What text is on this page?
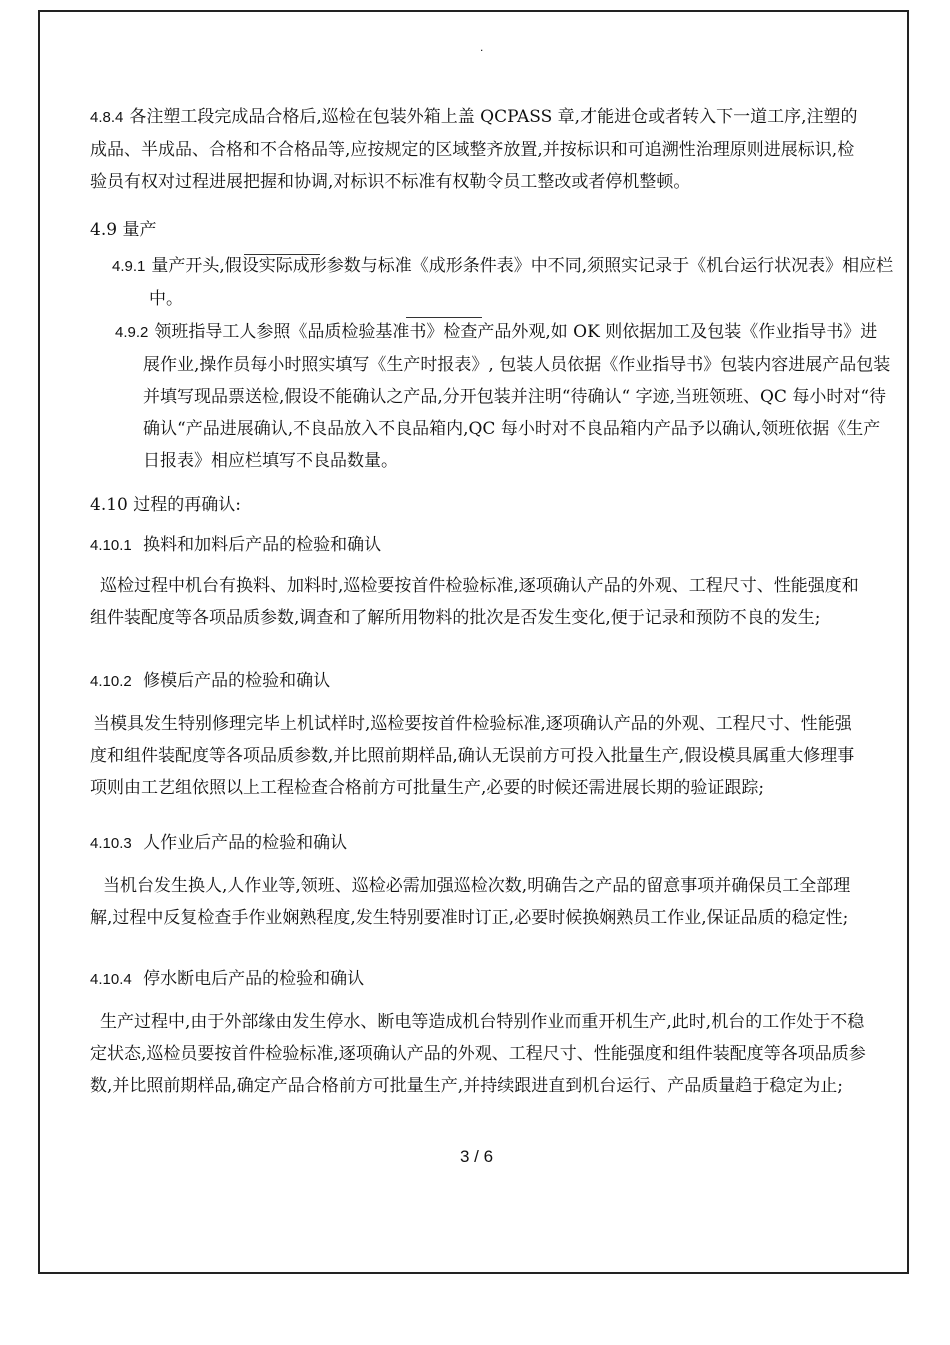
.

4.8.4 各注塑工段完成品合格后,巡检在包装外箱上盖 QCPASS 章,才能进仓或者转入下一道工序,注塑的成品、半成品、合格和不合格品等,应按规定的区域整齐放置,并按标识和可追溯性治理原则进展标识,检验员有权对过程进展把握和协调,对标识不标准有权勒令员工整改或者停机整顿。

4.9 量产

4.9.1 量产开头,假设实际成形参数与标准《成形条件表》中不同,须照实记录于《机台运行状况表》相应栏中。

4.9.2 领班指导工人参照《品质检验基准书》检查产品外观,如 OK 则依据加工及包装《作业指导书》进展作业,操作员每小时照实填写《生产时报表》, 包装人员依据《作业指导书》包装内容进展产品包装并填写现品票送检,假设不能确认之产品,分开包装并注明“待确认“ 字迹,当班领班、QC 每小时对“待确认“产品进展确认,不良品放入不良品箱内,QC 每小时对不良品箱内产品予以确认,领班依据《生产日报表》相应栏填写不良品数量。

4.10 过程的再确认:

4.10.1 换料和加料后产品的检验和确认

巡检过程中机台有换料、加料时,巡检要按首件检验标准,逐项确认产品的外观、工程尺寸、性能强度和组件装配度等各项品质参数,调查和了解所用物料的批次是否发生变化,便于记录和预防不良的发生;

4.10.2 修模后产品的检验和确认

当模具发生特别修理完毕上机试样时,巡检要按首件检验标准,逐项确认产品的外观、工程尺寸、性能强度和组件装配度等各项品质参数,并比照前期样品,确认无误前方可投入批量生产,假设模具属重大修理事项则由工艺组依照以上工程检查合格前方可批量生产,必要的时候还需进展长期的验证跟踪;

4.10.3 人作业后产品的检验和确认

当机台发生换人,人作业等,领班、巡检必需加强巡检次数,明确告之产品的留意事项并确保员工全部理解,过程中反复检查手作业娴熟程度,发生特别要准时订正,必要时候换娴熟员工作业,保证品质的稳定性;

4.10.4 停水断电后产品的检验和确认

生产过程中,由于外部缘由发生停水、断电等造成机台特别作业而重开机生产,此时,机台的工作处于不稳定状态,巡检员要按首件检验标准,逐项确认产品的外观、工程尺寸、性能强度和组件装配度等各项品质参数,并比照前期样品,确定产品合格前方可批量生产,并持续跟进直到机台运行、产品质量趋于稳定为止;

3 / 6
